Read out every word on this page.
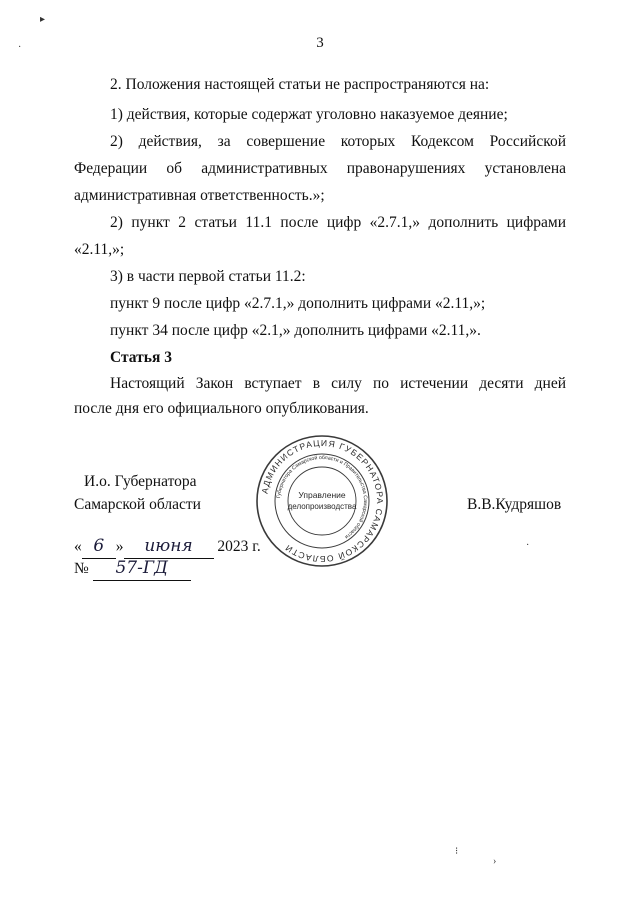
3

2. Положения настоящей статьи не распространяются на:

1) действия, которые содержат уголовно наказуемое деяние;

2) действия, за совершение которых Кодексом Российской

Федерации об административных правонарушениях установлена

административная ответственность.»;

2) пункт 2 статьи 11.1 после цифр «2.7.1,» дополнить цифрами

«2.11,»;

3) в части первой статьи 11.2:

пункт 9 после цифр «2.7.1,» дополнить цифрами «2.11,»;

пункт 34 после цифр «2.1,» дополнить цифрами «2.11,».

Статья 3

Настоящий Закон вступает в силу по истечении десяти дней

после дня его официального опубликования.

И.о. Губернатора
Самарской области	В.В.Кудряшов
« 6 » июня 2023 г.
№ 57-ГД
АДМИНИСТРАЦИЯ ГУБЕРНАТОРА САМАРСКОЙ ОБЛАСТИ
Губернатора Самарской области и Правительства Самарской области
Управление
делопроизводства
▸
·
·
⁝
›
